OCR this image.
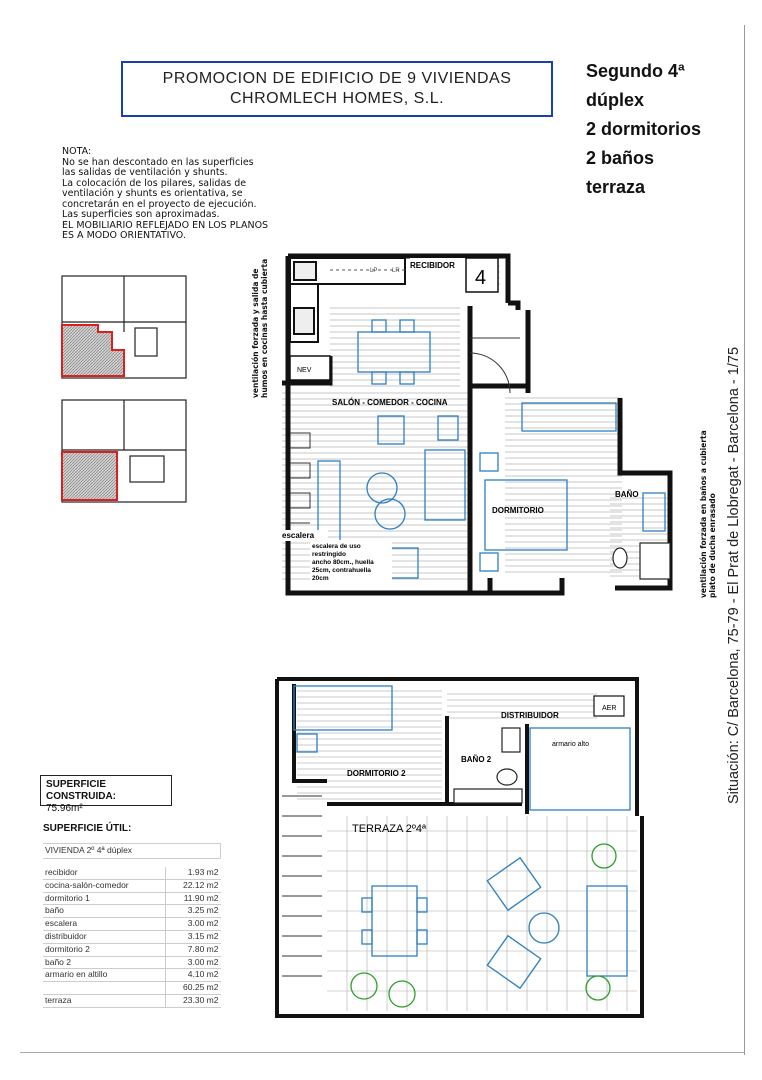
PROMOCION DE EDIFICIO DE 9 VIVIENDAS
CHROMLECH HOMES, S.L.
Segundo 4ª
dúplex
2 dormitorios
2 baños
terraza
NOTA:
No se han descontado en las superficies
las salidas de ventilación y shunts.
La colocación de los pilares, salidas de
ventilación y shunts es orientativa, se
concretarán en el proyecto de ejecución.
Las superficies son aproximadas.
EL MOBILIARIO REFLEJADO EN LOS PLANOS
ES A MODO ORIENTATIVO.
Situación: C/ Barcelona, 75-79 - El Prat de Llobregat - Barcelona - 1/75
ventilación forzada y salida de humos en cocinas hasta cubierta
ventilación forzada en baños a cubierta plato de ducha enrasado
LP LR
NEV
RECIBIDOR
4
SALÓN - COMEDOR - COCINA
DORMITORIO
BAÑO
escalera
escalera de uso
restringido
ancho 80cm., huella
25cm, contrahuella
20cm
AER
DISTRIBUIDOR
armario alto
BAÑO 2
DORMITORIO 2
TERRAZA 2º4ª
SUPERFICIE CONSTRUIDA:
75.96m²
SUPERFICIE ÚTIL:
VIVIENDA 2º 4ª dúplex	

recibidor	1.93 m2
cocina-salón-comedor	22.12 m2
dormitorio 1	11.90 m2
baño	3.25 m2
escalera	3.00 m2
distribuidor	3.15 m2
dormitorio 2	7.80 m2
baño 2	3.00 m2
armario en altillo	4.10 m2
	60.25 m2
terraza	23.30 m2
